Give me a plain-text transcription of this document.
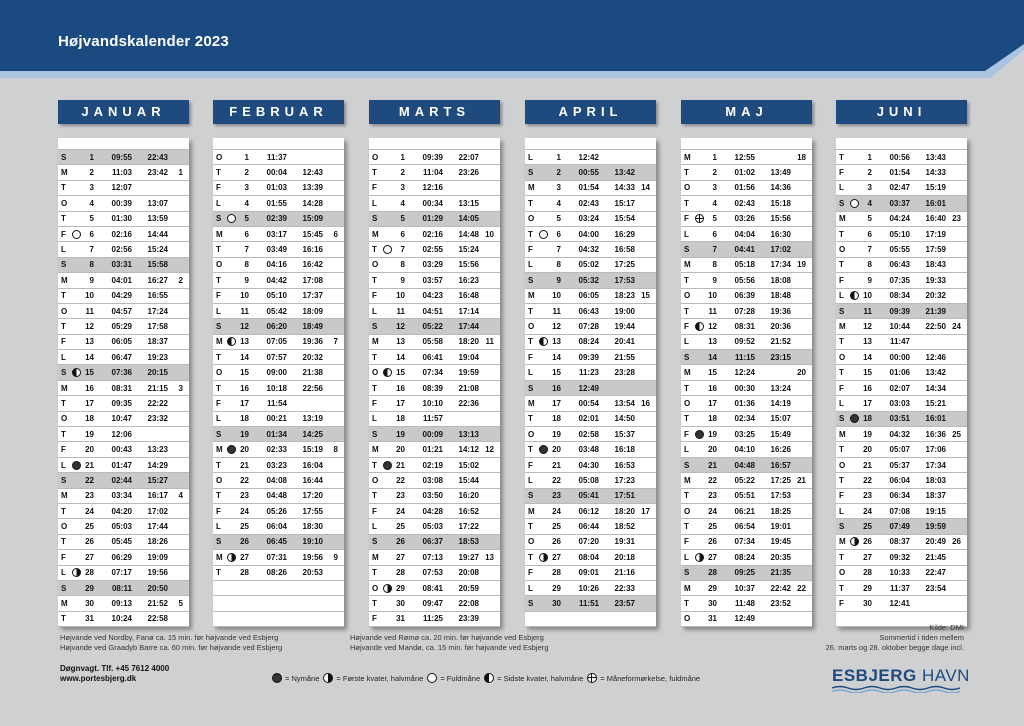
Højvandskalender 2023
JANUAR
S	1	09:55	22:43
M	2	11:03	23:42	1
T	3	12:07
O	4	00:39	13:07
T	5	01:30	13:59
F	6	02:16	14:44
L	7	02:56	15:24
S	8	03:31	15:58
M	9	04:01	16:27	2
T	10	04:29	16:55
O	11	04:57	17:24
T	12	05:29	17:58
F	13	06:05	18:37
L	14	06:47	19:23
S	15	07:36	20:15
M	16	08:31	21:15	3
T	17	09:35	22:22
O	18	10:47	23:32
T	19	12:06
F	20	00:43	13:23
L	21	01:47	14:29
S	22	02:44	15:27
M	23	03:34	16:17	4
T	24	04:20	17:02
O	25	05:03	17:44
T	26	05:45	18:26
F	27	06:29	19:09
L	28	07:17	19:56
S	29	08:11	20:50
M	30	09:13	21:52	5
T	31	10:24	22:58
FEBRUAR
O	1	11:37
T	2	00:04	12:43
F	3	01:03	13:39
L	4	01:55	14:28
S	5	02:39	15:09
M	6	03:17	15:45	6
T	7	03:49	16:16
O	8	04:16	16:42
T	9	04:42	17:08
F	10	05:10	17:37
L	11	05:42	18:09
S	12	06:20	18:49
M	13	07:05	19:36	7
T	14	07:57	20:32
O	15	09:00	21:38
T	16	10:18	22:56
F	17	11:54
L	18	00:21	13:19
S	19	01:34	14:25
M	20	02:33	15:19	8
T	21	03:23	16:04
O	22	04:08	16:44
T	23	04:48	17:20
F	24	05:26	17:55
L	25	06:04	18:30
S	26	06:45	19:10
M	27	07:31	19:56	9
T	28	08:26	20:53
MARTS
O	1	09:39	22:07
T	2	11:04	23:26
F	3	12:16
L	4	00:34	13:15
S	5	01:29	14:05
M	6	02:16	14:48 10
T	7	02:55	15:24
O	8	03:29	15:56
T	9	03:57	16:23
F	10	04:23	16:48
L	11	04:51	17:14
S	12	05:22	17:44
M	13	05:58	18:20 11
T	14	06:41	19:04
O	15	07:34	19:59
T	16	08:39	21:08
F	17	10:10	22:36
L	18	11:57
S	19	00:09	13:13
M	20	01:21	14:12 12
T	21	02:19	15:02
O	22	03:08	15:44
T	23	03:50	16:20
F	24	04:28	16:52
L	25	05:03	17:22
S	26	06:37	18:53
M	27	07:13	19:27 13
T	28	07:53	20:08
O	29	08:41	20:59
T	30	09:47	22:08
F	31	11:25	23:39
APRIL
L	1	12:42
S	2	00:55	13:42
M	3	01:54	14:33 14
T	4	02:43	15:17
O	5	03:24	15:54
T	6	04:00	16:29
F	7	04:32	16:58
L	8	05:02	17:25
S	9	05:32	17:53
M	10	06:05	18:23 15
T	11	06:43	19:00
O	12	07:28	19:44
T	13	08:24	20:41
F	14	09:39	21:55
L	15	11:23	23:28
S	16	12:49
M	17	00:54	13:54 16
T	18	02:01	14:50
O	19	02:58	15:37
T	20	03:48	16:18
F	21	04:30	16:53
L	22	05:08	17:23
S	23	05:41	17:51
M	24	06:12	18:20 17
T	25	06:44	18:52
O	26	07:20	19:31
T	27	08:04	20:18
F	28	09:01	21:16
L	29	10:26	22:33
S	30	11:51	23:57
MAJ
M	1	12:55	18
T	2	01:02	13:49
O	3	01:56	14:36
T	4	02:43	15:18
F	5	03:26	15:56
L	6	04:04	16:30
S	7	04:41	17:02
M	8	05:18	17:34 19
T	9	05:56	18:08
O	10	06:39	18:48
T	11	07:28	19:36
F	12	08:31	20:36
L	13	09:52	21:52
S	14	11:15	23:15
M	15	12:24	20
T	16	00:30	13:24
O	17	01:36	14:19
T	18	02:34	15:07
F	19	03:25	15:49
L	20	04:10	16:26
S	21	04:48	16:57
M	22	05:22	17:25 21
T	23	05:51	17:53
O	24	06:21	18:25
T	25	06:54	19:01
F	26	07:34	19:45
L	27	08:24	20:35
S	28	09:25	21:35
M	29	10:37	22:42 22
T	30	11:48	23:52
O	31	12:49
JUNI
T	1	00:56	13:43
F	2	01:54	14:33
L	3	02:47	15:19
S	4	03:37	16:01
M	5	04:24	16:40 23
T	6	05:10	17:19
O	7	05:55	17:59
T	8	06:43	18:43
F	9	07:35	19:33
L	10	08:34	20:32
S	11	09:39	21:39
M	12	10:44	22:50 24
T	13	11:47
O	14	00:00	12:46
T	15	01:06	13:42
F	16	02:07	14:34
L	17	03:03	15:21
S	18	03:51	16:01
M	19	04:32	16:36 25
T	20	05:07	17:06
O	21	05:37	17:34
T	22	06:04	18:03
F	23	06:34	18:37
L	24	07:08	19:15
S	25	07:49	19:59
M	26	08:37	20:49 26
T	27	09:32	21:45
O	28	10:33	22:47
T	29	11:37	23:54
F	30	12:41
Højvande ved Nordby, Fanø ca. 15 min. før højvande ved Esbjerg
Højvande ved Graadyb Barre ca. 60 min. før højvande ved Esbjerg
Døgnvagt. Tlf. +45 7612 4000
www.portesbjerg.dk
Højvande ved Rømø ca. 20 min. før højvande ved Esbjerg
Højvande ved Mandø, ca. 15 min. før højvande ved Esbjerg
Kilde: DMI
Sommertid i tiden mellem
26. marts og 28. oktober begge dage incl.
= Nymåne = Første kvater, halvmåne = Fuldmåne = Sidste kvater, halvmåne = Måneformørkelse, fuldmåne	ESBJERG HAVN
